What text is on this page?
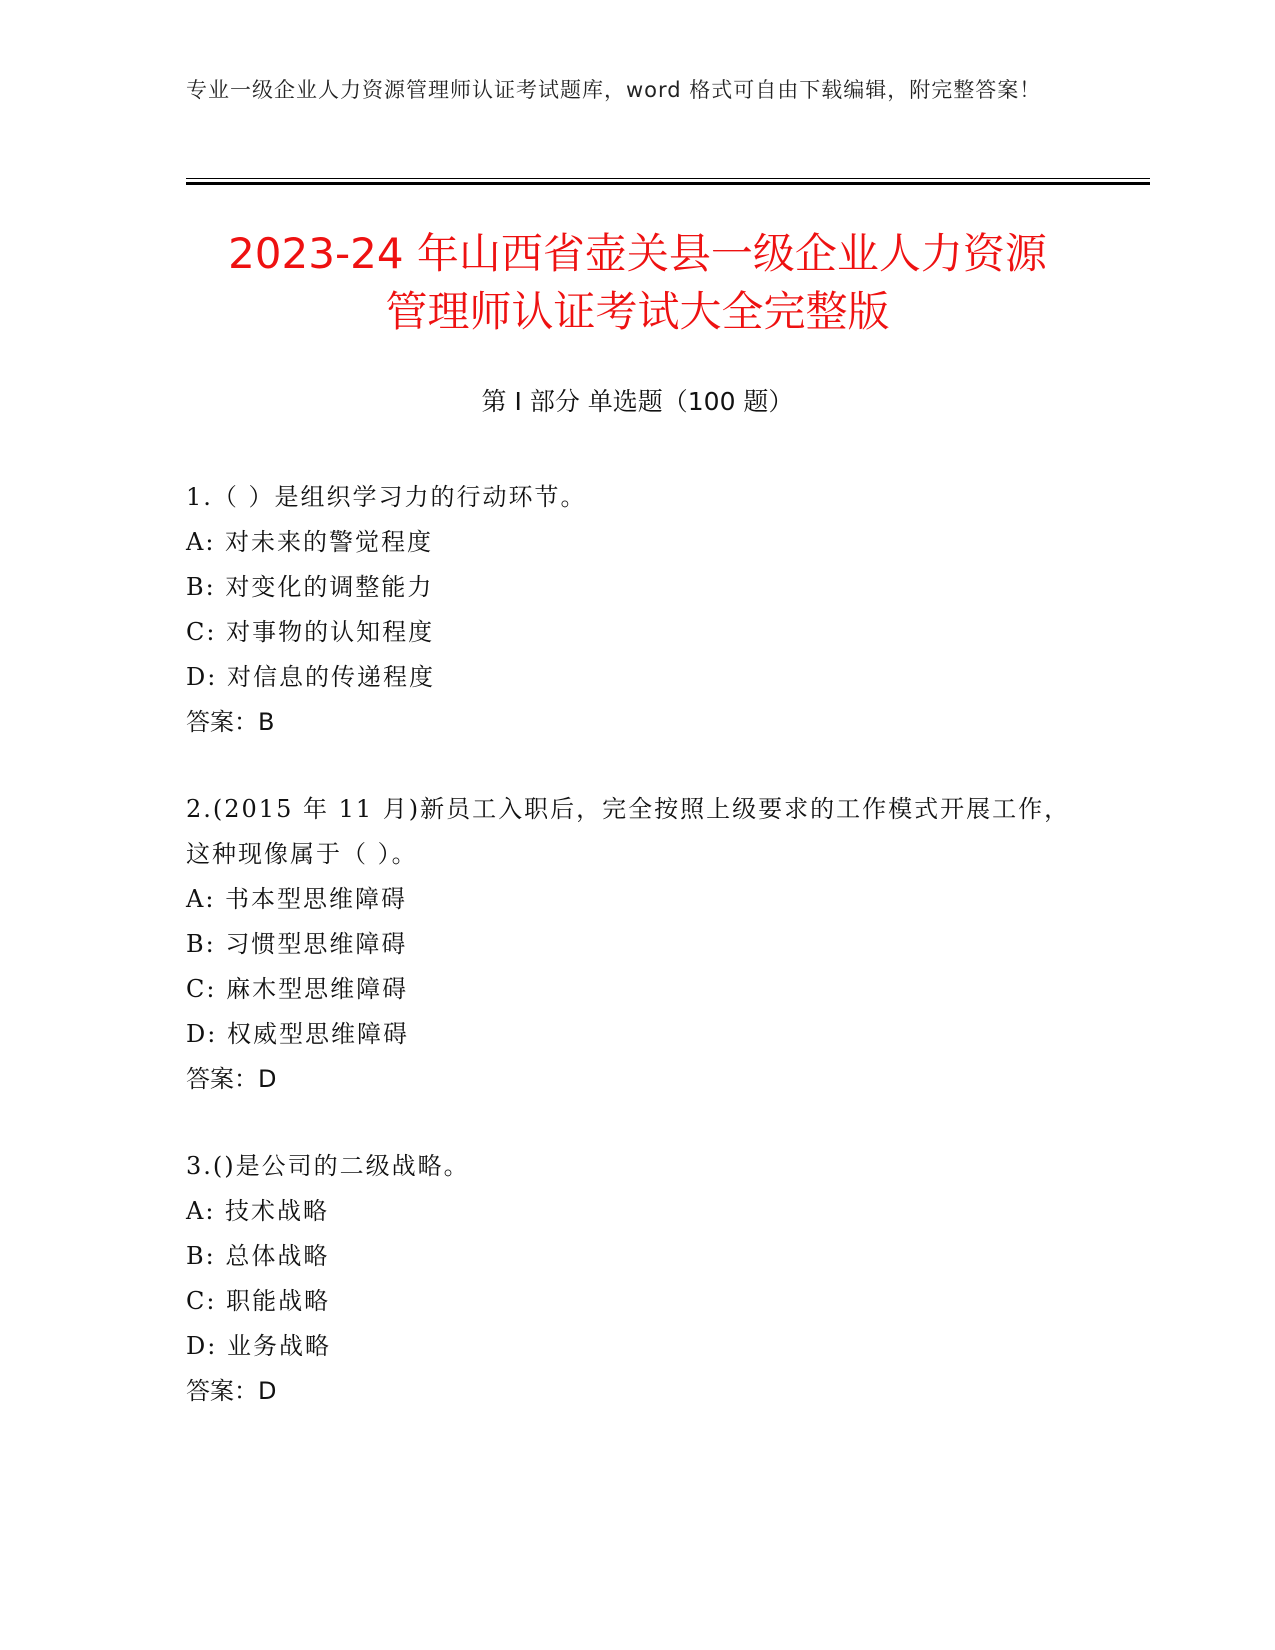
专业一级企业人力资源管理师认证考试题库，word 格式可自由下载编辑，附完整答案！
2023-24 年山西省壶关县一级企业人力资源
管理师认证考试大全完整版
第 I 部分 单选题（100 题）

1.（ ）是组织学习力的行动环节。

A: 对未来的警觉程度

B: 对变化的调整能力

C: 对事物的认知程度

D: 对信息的传递程度

答案：B

2.(2015 年 11 月)新员工入职后，完全按照上级要求的工作模式开展工作，这种现像属于（ ）。

A: 书本型思维障碍

B: 习惯型思维障碍

C: 麻木型思维障碍

D: 权威型思维障碍

答案：D

3.()是公司的二级战略。

A: 技术战略

B: 总体战略

C: 职能战略

D: 业务战略

答案：D
